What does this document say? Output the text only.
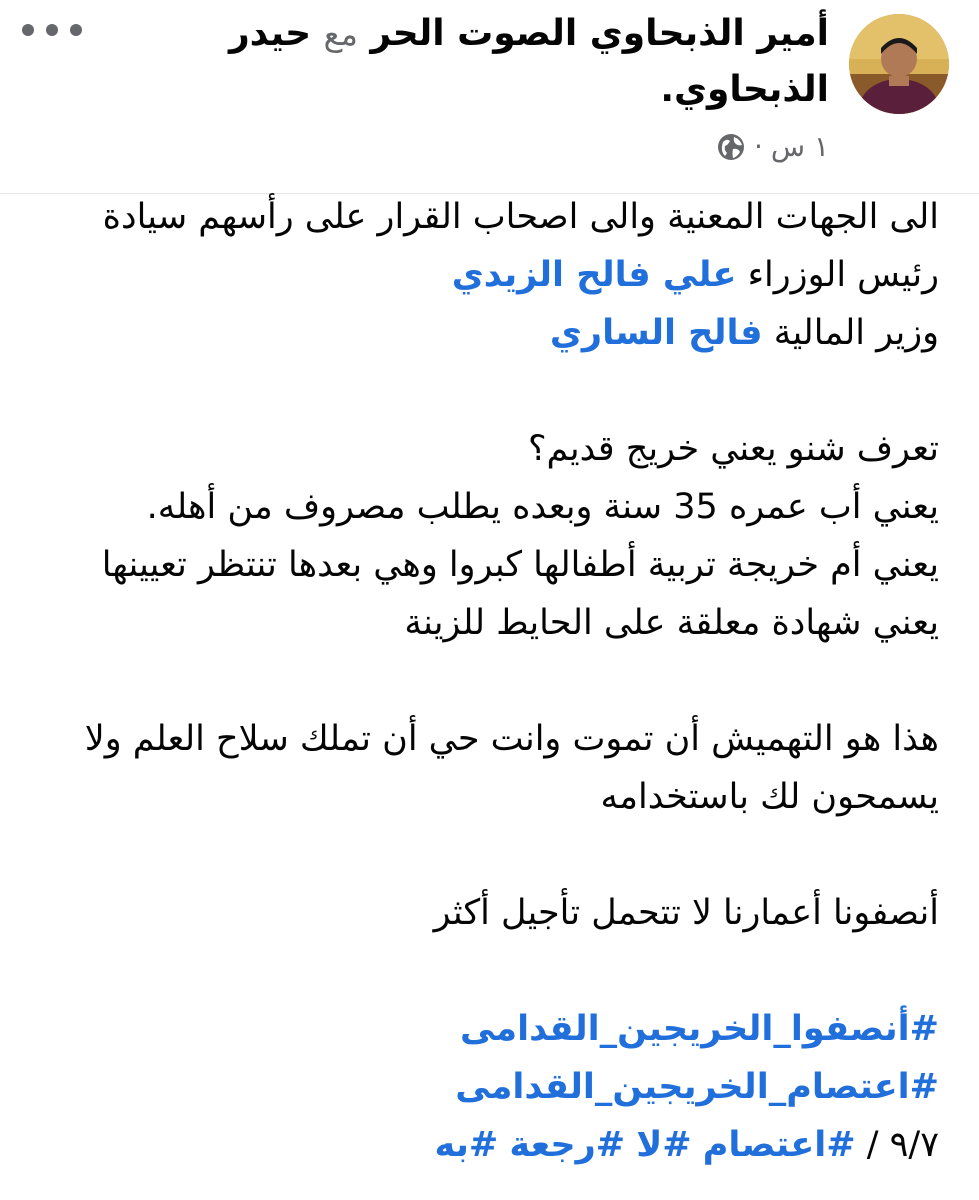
أمير الذبحاوي الصوت الحر مع حيدر الذبحاوي.
١ س
·

الى الجهات المعنية والى اصحاب القرار على رأسهم سيادة رئيس الوزراء علي فالح الزيدي

وزير المالية فالح الساري

تعرف شنو يعني خريج قديم؟

يعني أب عمره 35 سنة وبعده يطلب مصروف من أهله.

يعني أم خريجة تربية أطفالها كبروا وهي بعدها تنتظر تعيينها

يعني شهادة معلقة على الحايط للزينة

هذا هو التهميش أن تموت وانت حي أن تملك سلاح العلم ولا يسمحون لك باستخدامه

أنصفونا أعمارنا لا تتحمل تأجيل أكثر

#أنصفوا_الخريجين_القدامى

#اعتصام_الخريجين_القدامى

٩/٧ / #اعتصام #لا #رجعة #به
